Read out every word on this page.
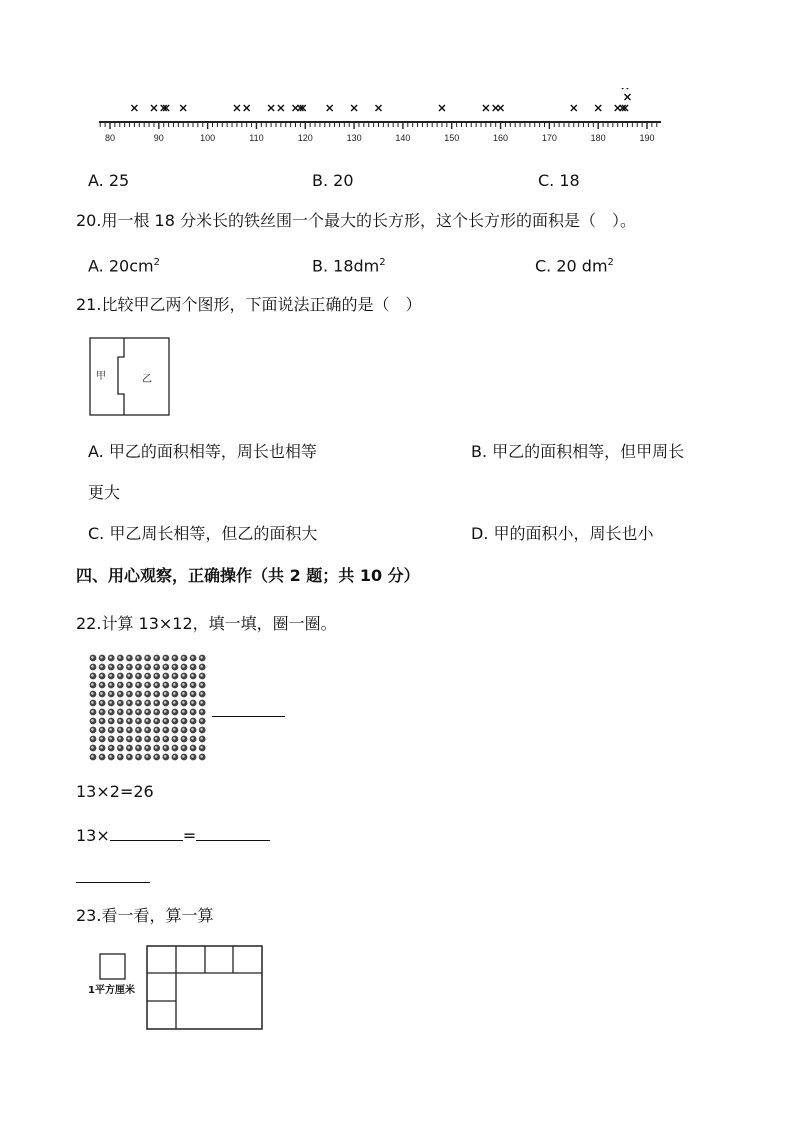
80	90	100	110	120	130	140	150	160	170	180	190
A. 25	B. 20	C. 18
20.用一根 18 分米长的铁丝围一个最大的长方形，这个长方形的面积是（　）。
A. $20cm^2$	B. $18dm^2$	C. 20 $dm^2$
21.比较甲乙两个图形，下面说法正确的是（　）
甲	乙
A. 甲乙的面积相等，周长也相等	B. 甲乙的面积相等，但甲周长
更大
C. 甲乙周长相等，但乙的面积大	D. 甲的面积小，周长也小
四、用心观察，正确操作（共 2 题；共 10 分）
22.计算 13×12，填一填，圈一圈。
13×2=26
13×	=
23.看一看，算一算
1平方厘米
